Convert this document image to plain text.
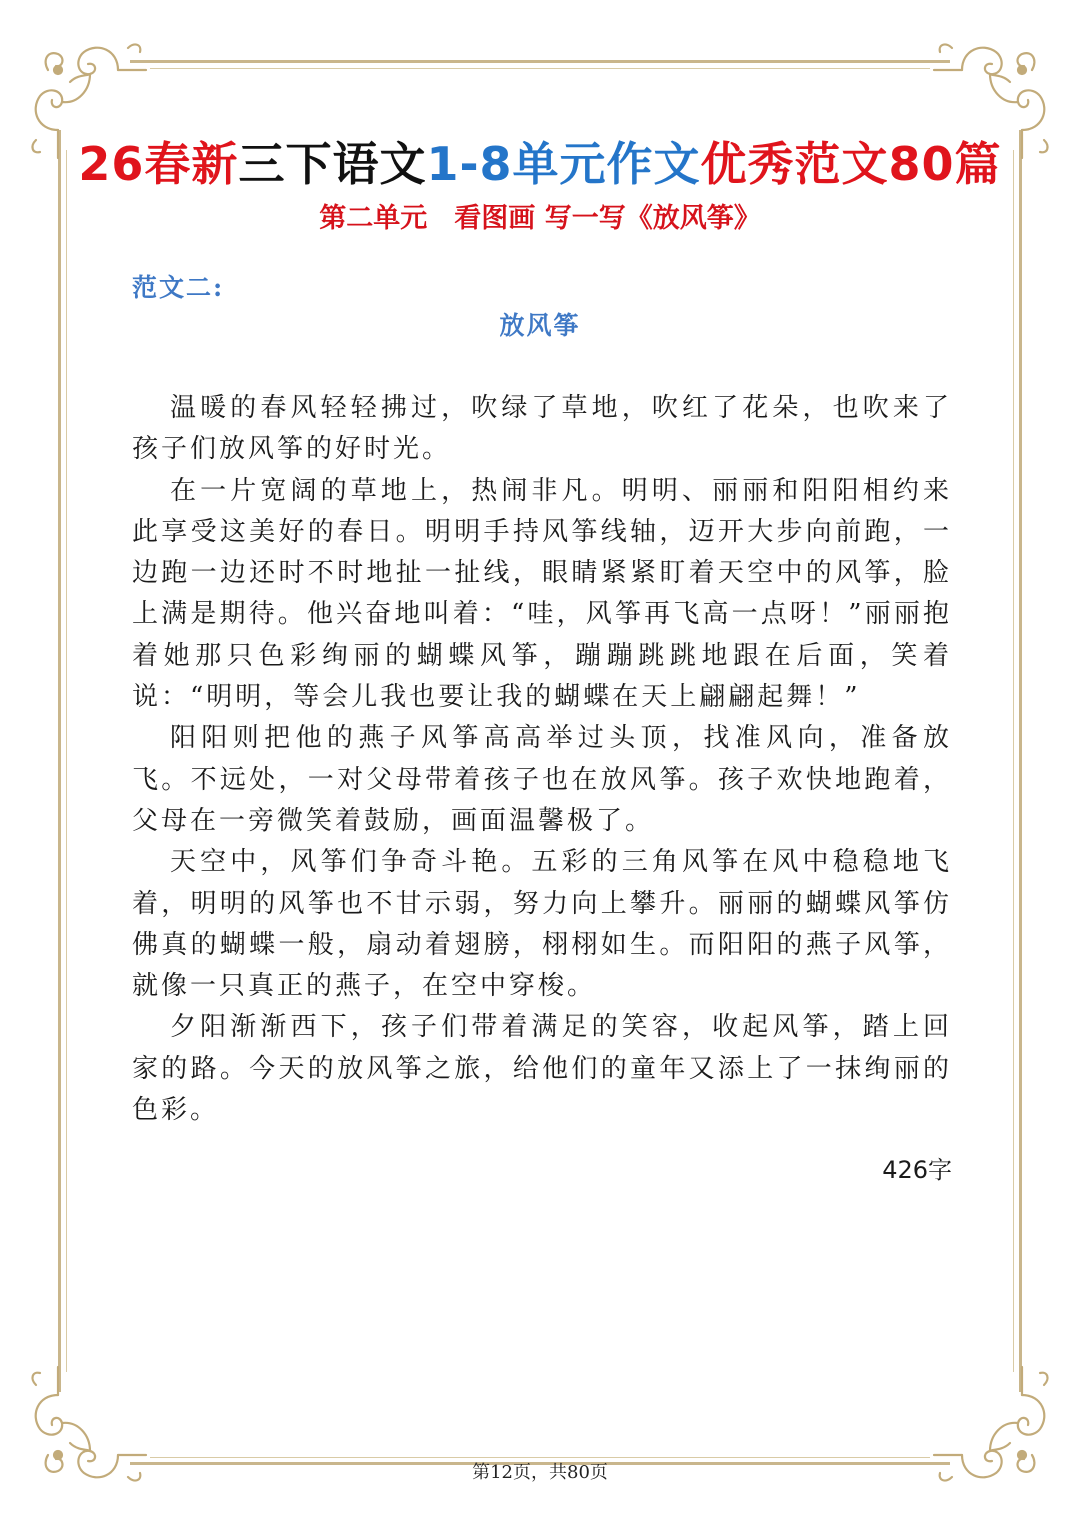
26春新三下语文1-8单元作文优秀范文80篇
第二单元　看图画 写一写《放风筝》
范文二:
放风筝

温暖的春风轻轻拂过，吹绿了草地，吹红了花朵，也吹来了孩子们放风筝的好时光。

在一片宽阔的草地上，热闹非凡。明明、丽丽和阳阳相约来此享受这美好的春日。明明手持风筝线轴，迈开大步向前跑，一边跑一边还时不时地扯一扯线，眼睛紧紧盯着天空中的风筝，脸上满是期待。他兴奋地叫着：“哇，风筝再飞高一点呀！”丽丽抱着她那只色彩绚丽的蝴蝶风筝，蹦蹦跳跳地跟在后面，笑着说：“明明，等会儿我也要让我的蝴蝶在天上翩翩起舞！”

阳阳则把他的燕子风筝高高举过头顶，找准风向，准备放飞。不远处，一对父母带着孩子也在放风筝。孩子欢快地跑着，父母在一旁微笑着鼓励，画面温馨极了。

天空中，风筝们争奇斗艳。五彩的三角风筝在风中稳稳地飞着，明明的风筝也不甘示弱，努力向上攀升。丽丽的蝴蝶风筝仿佛真的蝴蝶一般，扇动着翅膀，栩栩如生。而阳阳的燕子风筝，就像一只真正的燕子，在空中穿梭。

夕阳渐渐西下，孩子们带着满足的笑容，收起风筝，踏上回家的路。今天的放风筝之旅，给他们的童年又添上了一抹绚丽的色彩。

426字
第12页，共80页
